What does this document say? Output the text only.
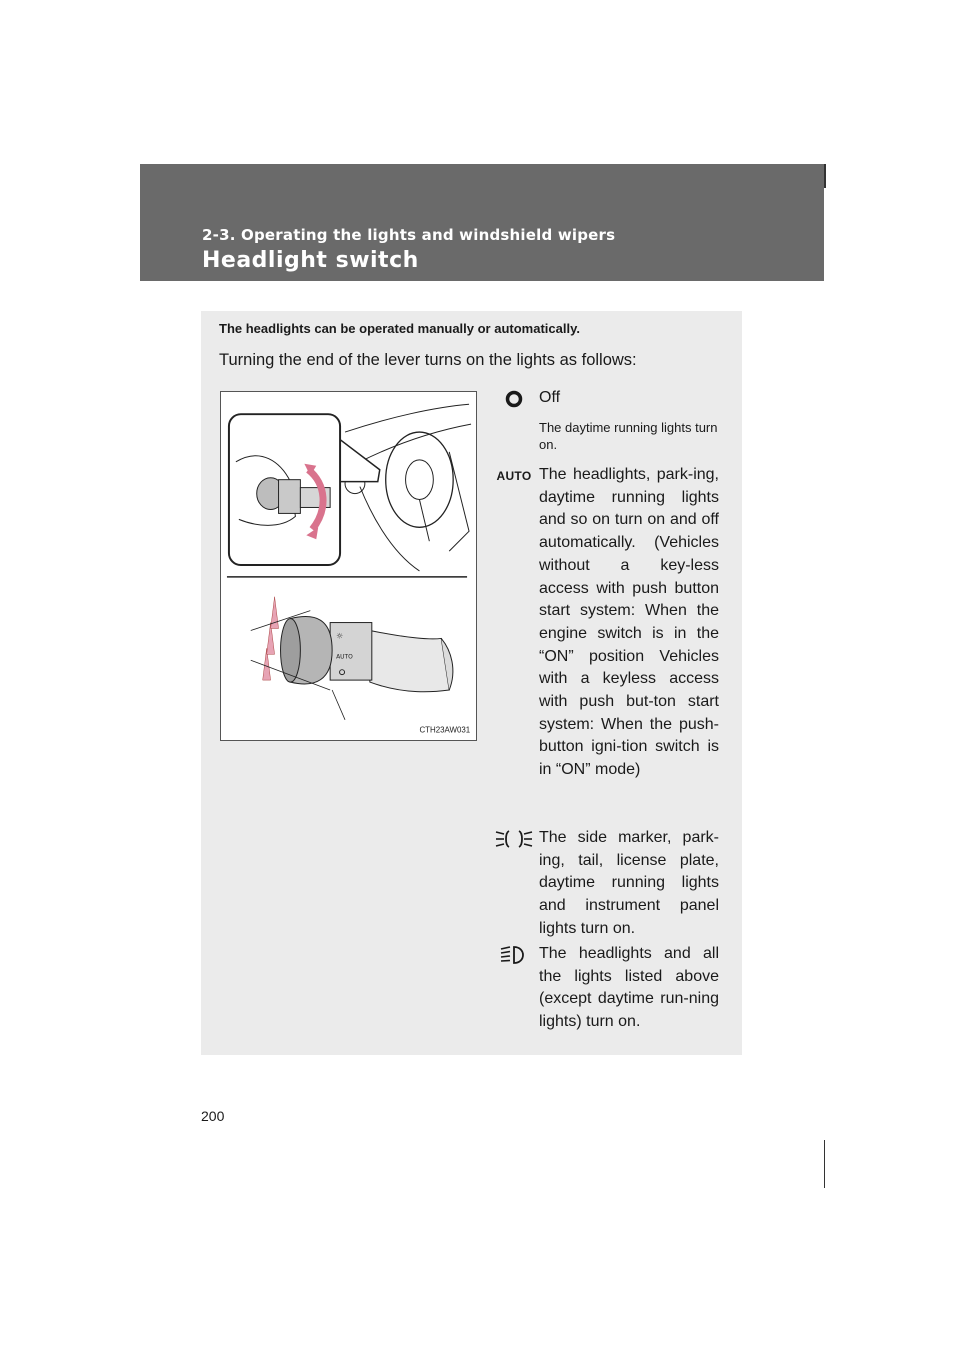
2-3. Operating the lights and windshield wipers
Headlight switch
The headlights can be operated manually or automatically.
Turning the end of the lever turns on the lights as follows:
☼
AUTO
CTH23AW031
Off
The daytime running lights turn on.
AUTO The headlights, park-ing, daytime running lights and so on turn on and off automatically. (Vehicles without a key-less access with push button start system: When the engine switch is in the “ON” position Vehicles with a keyless access with push but-ton start system: When the push-button igni-tion switch is in “ON” mode)
The side marker, park-ing, tail, license plate, daytime running lights and instrument panel lights turn on.
The headlights and all the lights listed above (except daytime run-ning lights) turn on.
200
